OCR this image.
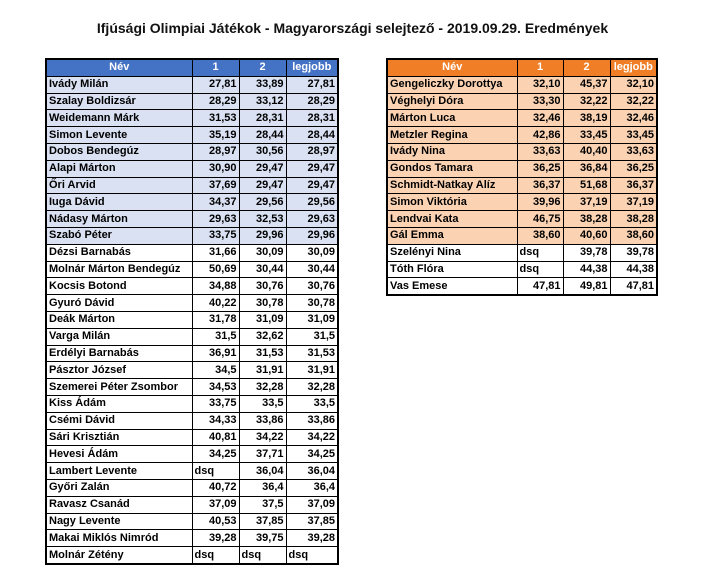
Ifjúsági Olimpiai Játékok - Magyarországi selejtező - 2019.09.29. Eredmények
Név	1	2	legjobb
Ivády Milán	27,81	33,89	27,81
Szalay Boldizsár	28,29	33,12	28,29
Weidemann Márk	31,53	28,31	28,31
Simon Levente	35,19	28,44	28,44
Dobos Bendegúz	28,97	30,56	28,97
Alapi Márton	30,90	29,47	29,47
Őri Arvid	37,69	29,47	29,47
Iuga Dávid	34,37	29,56	29,56
Nádasy Márton	29,63	32,53	29,63
Szabó Péter	33,75	29,96	29,96
Dézsi Barnabás	31,66	30,09	30,09
Molnár Márton Bendegúz	50,69	30,44	30,44
Kocsis Botond	34,88	30,76	30,76
Gyuró Dávid	40,22	30,78	30,78
Deák Márton	31,78	31,09	31,09
Varga Milán	31,5	32,62	31,5
Erdélyi Barnabás	36,91	31,53	31,53
Pásztor József	34,5	31,91	31,91
Szemerei Péter Zsombor	34,53	32,28	32,28
Kiss Ádám	33,75	33,5	33,5
Csémi Dávid	34,33	33,86	33,86
Sári Krisztián	40,81	34,22	34,22
Hevesi Ádám	34,25	37,71	34,25
Lambert Levente	dsq	36,04	36,04
Győri Zalán	40,72	36,4	36,4
Ravasz Csanád	37,09	37,5	37,09
Nagy Levente	40,53	37,85	37,85
Makai Miklós Nimród	39,28	39,75	39,28
Molnár Zétény	dsq	dsq	dsq
Név	1	2	legjobb
Gengeliczky Dorottya	32,10	45,37	32,10
Véghelyi Dóra	33,30	32,22	32,22
Márton Luca	32,46	38,19	32,46
Metzler Regina	42,86	33,45	33,45
Ivády Nina	33,63	40,40	33,63
Gondos Tamara	36,25	36,84	36,25
Schmidt-Natkay Alíz	36,37	51,68	36,37
Simon Viktória	39,96	37,19	37,19
Lendvai Kata	46,75	38,28	38,28
Gál Emma	38,60	40,60	38,60
Szelényi Nina	dsq	39,78	39,78
Tóth Flóra	dsq	44,38	44,38
Vas Emese	47,81	49,81	47,81
